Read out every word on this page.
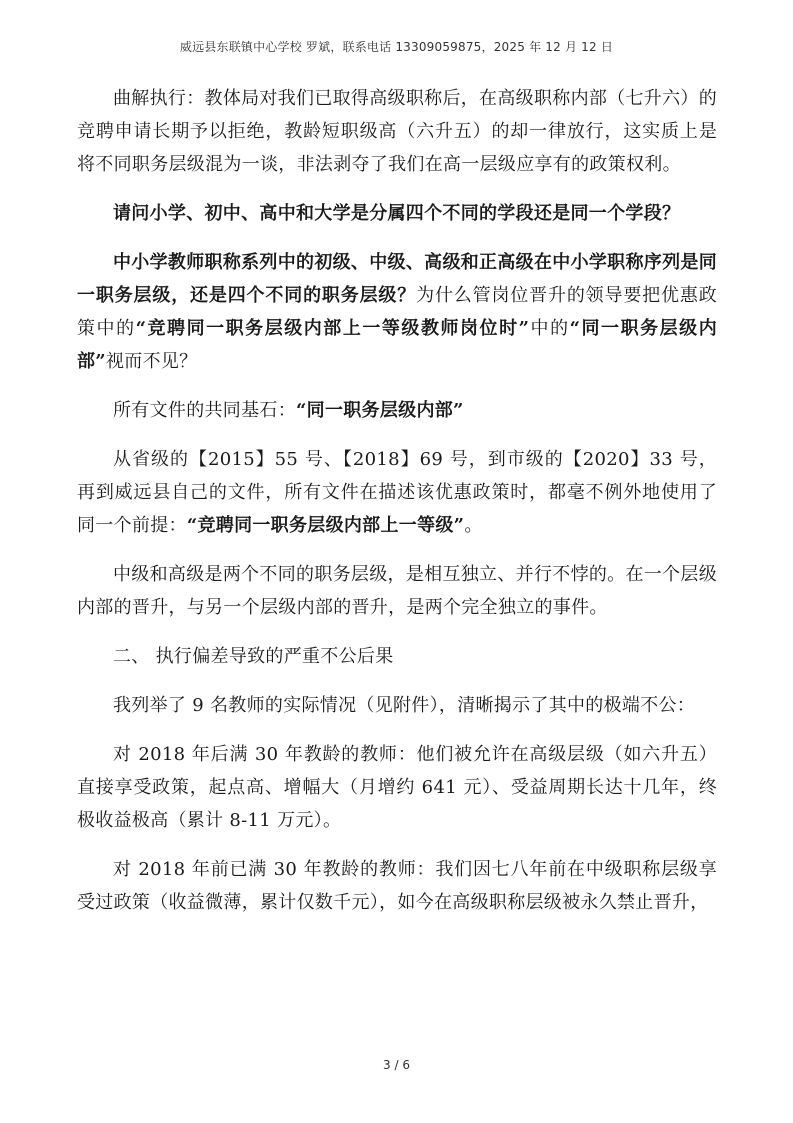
威远县东联镇中心学校 罗斌，联系电话 13309059875，2025 年 12 月 12 日

曲解执行：教体局对我们已取得高级职称后，在高级职称内部（七升六）的竞聘申请长期予以拒绝，教龄短职级高（六升五）的却一律放行，这实质上是将不同职务层级混为一谈，非法剥夺了我们在高一层级应享有的政策权利。

请问小学、初中、高中和大学是分属四个不同的学段还是同一个学段？

中小学教师职称系列中的初级、中级、高级和正高级在中小学职称序列是同一职务层级，还是四个不同的职务层级？为什么管岗位晋升的领导要把优惠政策中的“竞聘同一职务层级内部上一等级教师岗位时”中的“同一职务层级内部”视而不见？

所有文件的共同基石：“同一职务层级内部”

从省级的【2015】55 号、【2018】69 号，到市级的【2020】33 号，再到威远县自己的文件，所有文件在描述该优惠政策时，都毫不例外地使用了同一个前提：“竞聘同一职务层级内部上一等级”。

中级和高级是两个不同的职务层级，是相互独立、并行不悖的。在一个层级内部的晋升，与另一个层级内部的晋升，是两个完全独立的事件。

二、 执行偏差导致的严重不公后果

我列举了 9 名教师的实际情况（见附件），清晰揭示了其中的极端不公：

对 2018 年后满 30 年教龄的教师：他们被允许在高级层级（如六升五）直接享受政策，起点高、增幅大（月增约 641 元）、受益周期长达十几年，终极收益极高（累计 8-11 万元）。

对 2018 年前已满 30 年教龄的教师：我们因七八年前在中级职称层级享受过政策（收益微薄，累计仅数千元），如今在高级职称层级被永久禁止晋升，

3 / 6
